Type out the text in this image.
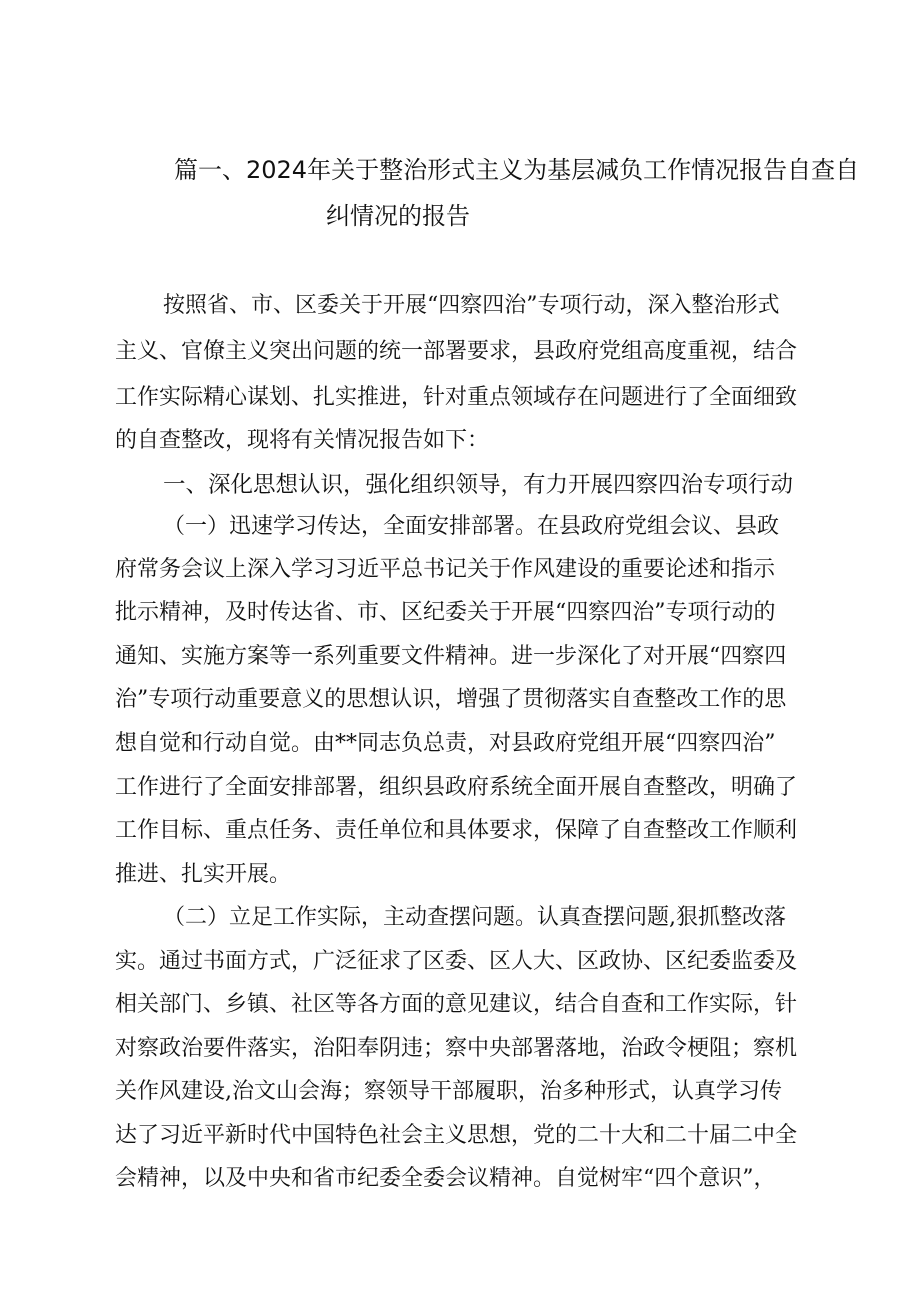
篇一、2024年关于整治形式主义为基层减负工作情况报告自查自
纠情况的报告
按照省、市、区委关于开展“四察四治”专项行动，深入整治形式
主义、官僚主义突出问题的统一部署要求，县政府党组高度重视，结合
工作实际精心谋划、扎实推进，针对重点领域存在问题进行了全面细致
的自查整改，现将有关情况报告如下：
一、深化思想认识，强化组织领导，有力开展四察四治专项行动
（一）迅速学习传达，全面安排部署。在县政府党组会议、县政
府常务会议上深入学习习近平总书记关于作风建设的重要论述和指示
批示精神，及时传达省、市、区纪委关于开展“四察四治”专项行动的
通知、实施方案等一系列重要文件精神。进一步深化了对开展“四察四
治”专项行动重要意义的思想认识，增强了贯彻落实自查整改工作的思
想自觉和行动自觉。由**同志负总责，对县政府党组开展“四察四治”
工作进行了全面安排部署，组织县政府系统全面开展自查整改，明确了
工作目标、重点任务、责任单位和具体要求，保障了自查整改工作顺利
推进、扎实开展。
（二）立足工作实际，主动查摆问题。认真查摆问题,狠抓整改落
实。通过书面方式，广泛征求了区委、区人大、区政协、区纪委监委及
相关部门、乡镇、社区等各方面的意见建议，结合自查和工作实际，针
对察政治要件落实，治阳奉阴违；察中央部署落地，治政令梗阻；察机
关作风建设,治文山会海；察领导干部履职，治多种形式，认真学习传
达了习近平新时代中国特色社会主义思想，党的二十大和二十届二中全
会精神，以及中央和省市纪委全委会议精神。自觉树牢“四个意识”，
